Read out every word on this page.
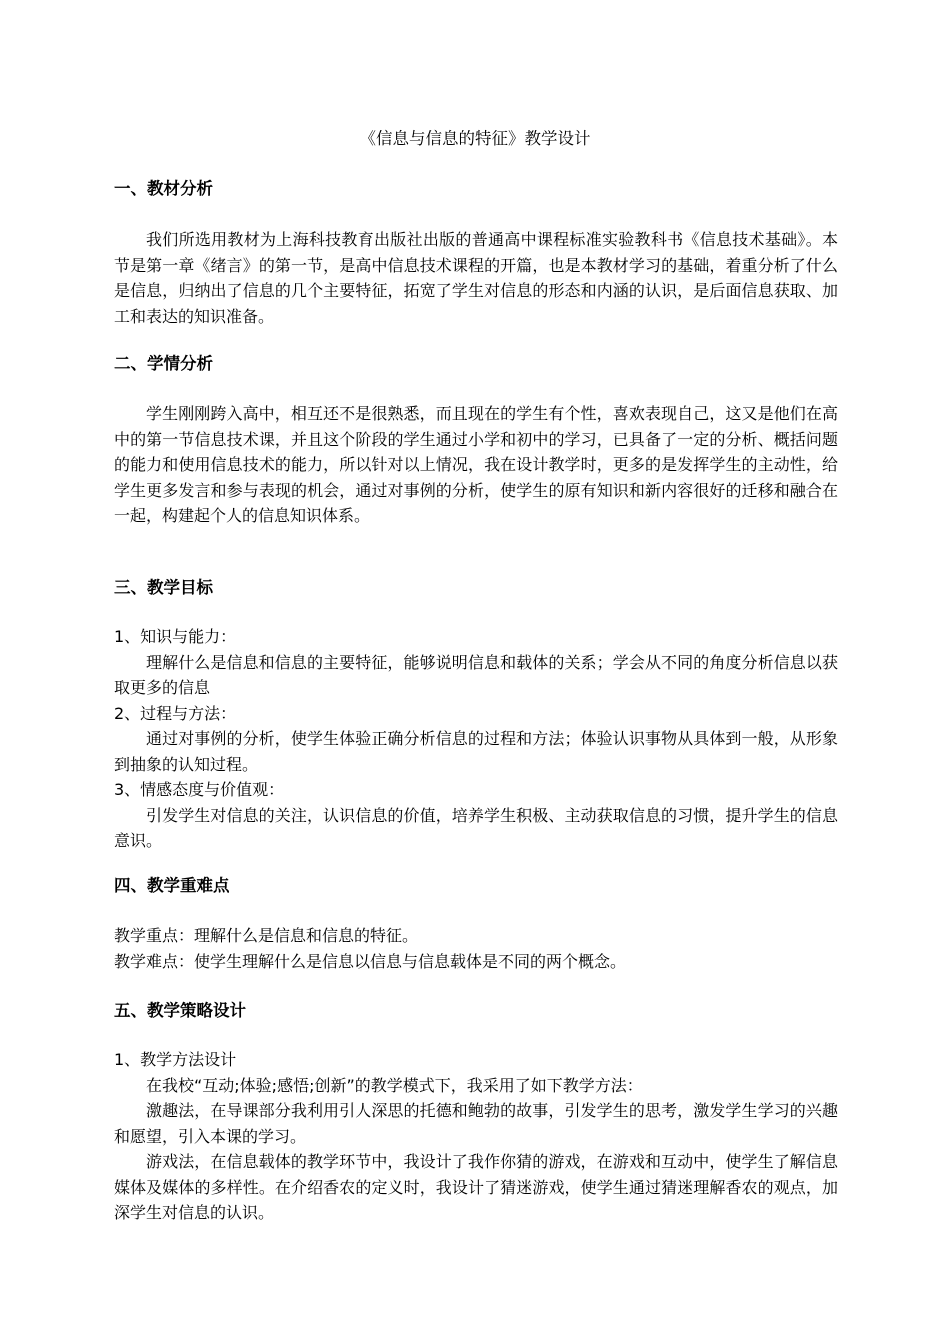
《信息与信息的特征》教学设计
一、教材分析

我们所选用教材为上海科技教育出版社出版的普通高中课程标准实验教科书《信息技术基础》。本节是第一章《绪言》的第一节，是高中信息技术课程的开篇，也是本教材学习的基础，着重分析了什么是信息，归纳出了信息的几个主要特征，拓宽了学生对信息的形态和内涵的认识，是后面信息获取、加工和表达的知识准备。

二、学情分析

学生刚刚跨入高中，相互还不是很熟悉，而且现在的学生有个性，喜欢表现自己，这又是他们在高中的第一节信息技术课，并且这个阶段的学生通过小学和初中的学习，已具备了一定的分析、概括问题的能力和使用信息技术的能力，所以针对以上情况，我在设计教学时，更多的是发挥学生的主动性，给学生更多发言和参与表现的机会，通过对事例的分析，使学生的原有知识和新内容很好的迁移和融合在一起，构建起个人的信息知识体系。

三、教学目标

1、知识与能力：

理解什么是信息和信息的主要特征，能够说明信息和载体的关系；学会从不同的角度分析信息以获取更多的信息

2、过程与方法：

通过对事例的分析，使学生体验正确分析信息的过程和方法；体验认识事物从具体到一般，从形象到抽象的认知过程。

3、情感态度与价值观：

引发学生对信息的关注，认识信息的价值，培养学生积极、主动获取信息的习惯，提升学生的信息意识。

四、教学重难点

教学重点：理解什么是信息和信息的特征。

教学难点：使学生理解什么是信息以信息与信息载体是不同的两个概念。

五、教学策略设计

1、教学方法设计

在我校“互动;体验;感悟;创新”的教学模式下，我采用了如下教学方法：

激趣法，在导课部分我利用引人深思的托德和鲍勃的故事，引发学生的思考，激发学生学习的兴趣和愿望，引入本课的学习。

游戏法，在信息载体的教学环节中，我设计了我作你猜的游戏，在游戏和互动中，使学生了解信息媒体及媒体的多样性。在介绍香农的定义时，我设计了猜迷游戏，使学生通过猜迷理解香农的观点，加深学生对信息的认识。
